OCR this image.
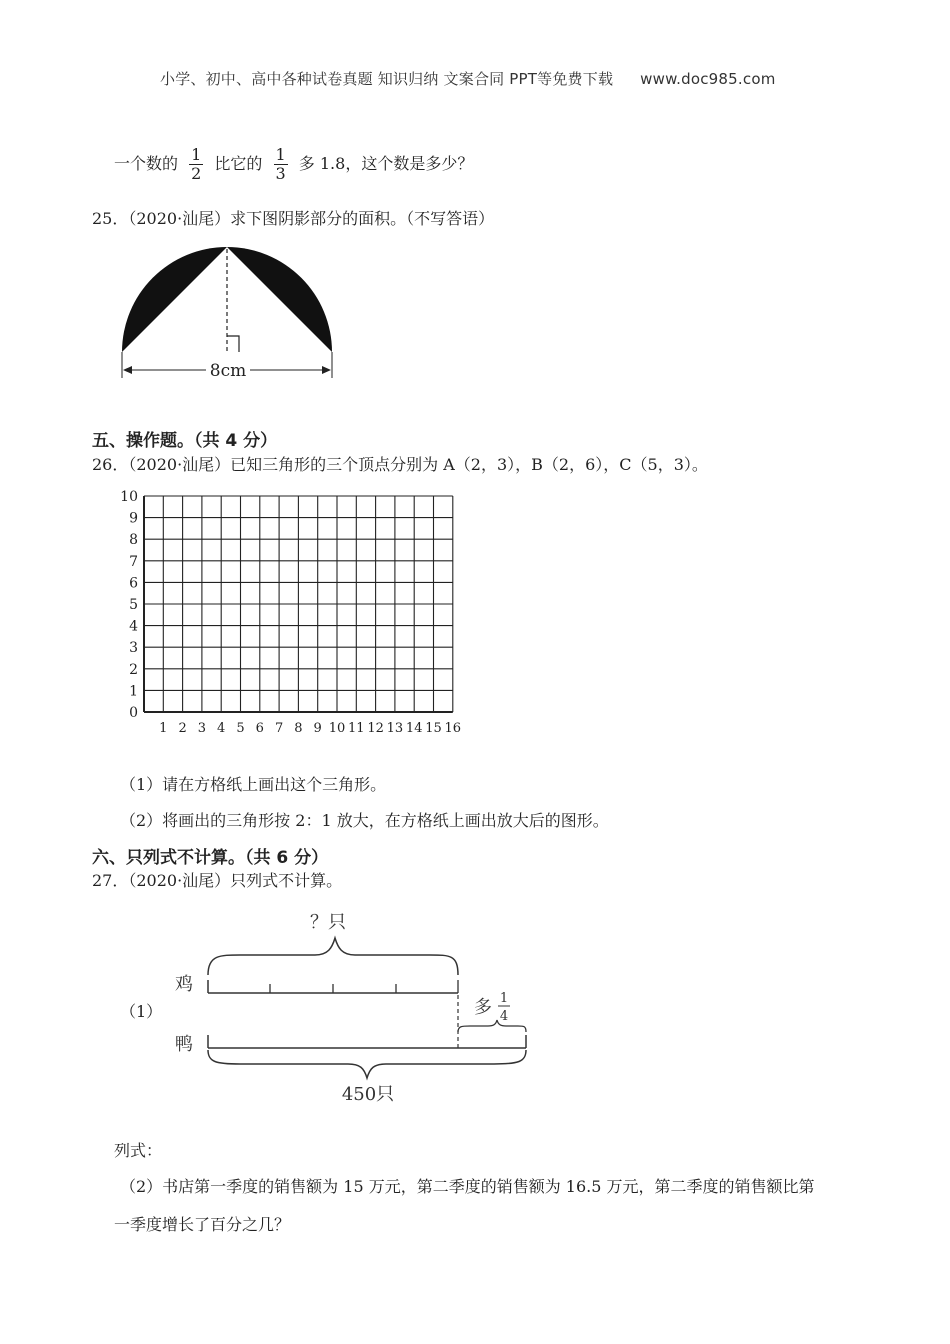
小学、初中、高中各种试卷真题 知识归纳 文案合同 PPT等免费下载 www.doc985.com
一个数的 $\frac{1}{2}$ 比它的 $\frac{1}{3}$ 多 1.8，这个数是多少？
25．（2020·汕尾）求下图阴影部分的面积。（不写答语）
8cm
五、操作题。（共 4 分）
26．（2020·汕尾）已知三角形的三个顶点分别为 A（2，3），B（2，6），C（5，3）。
0
1
2
3
4
5
6
7
8
9
10
1 2 3 4 5 6 7 8 9 10 11 12 13 14 15 16
（1）请在方格纸上画出这个三角形。
（2）将画出的三角形按 2：1 放大，在方格纸上画出放大后的图形。
六、只列式不计算。（共 6 分）
27．（2020·汕尾）只列式不计算。
（1）
？只
鸡
多 1
4
鸭
450只
列式：
（2）书店第一季度的销售额为 15 万元，第二季度的销售额为 16.5 万元，第二季度的销售额比第
一季度增长了百分之几？
